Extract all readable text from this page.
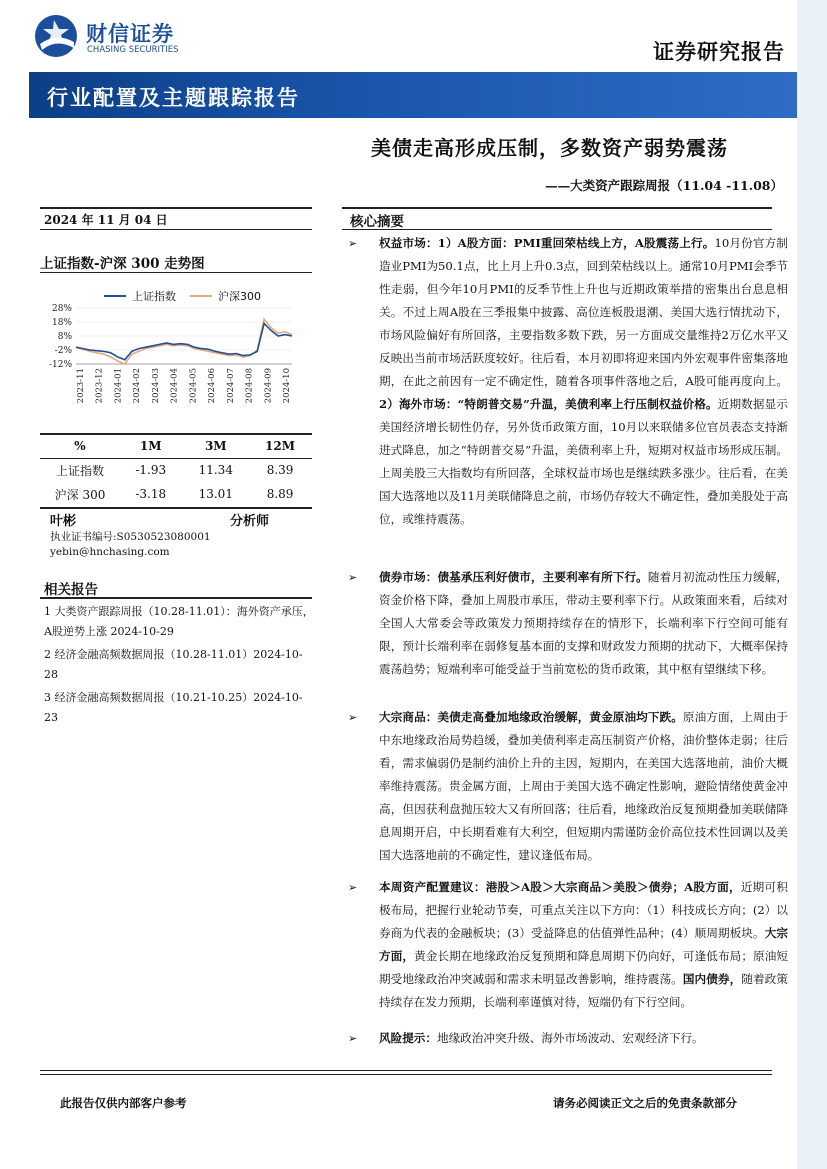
财信证券
CHASING SECURITIES	证券研究报告
行业配置及主题跟踪报告
美债走高形成压制，多数资产弱势震荡
——大类资产跟踪周报（11.04 -11.08）
2024 年 11 月 04 日
上证指数-沪深 300 走势图
上证指数	沪深300
28%
18%
8%
-2%
-12%
2023-11 2023-12 2024-01 2024-02 2024-03 2024-04 2024-05 2024-06 2024-07 2024-08 2024-09 2024-10
%	1M	3M	12M
上证指数	-1.93	11.34	8.39
沪深 300	-3.18	13.01	8.89
叶彬	分析师
执业证书编号:S0530523080001
yebin@hnchasing.com
相关报告
1 大类资产跟踪周报（10.28-11.01）：海外资产承压，A股逆势上涨 2024-10-29
2 经济金融高频数据周报（10.28-11.01）2024-10-28
3 经济金融高频数据周报（10.21-10.25）2024-10-23
核心摘要
➢ 权益市场：1）A股方面：PMI重回荣枯线上方，A股震荡上行。10月份官方制造业PMI为50.1点，比上月上升0.3点，回到荣枯线以上。通常10月PMI会季节性走弱，但今年10月PMI的反季节性上升也与近期政策举措的密集出台息息相关。不过上周A股在三季报集中披露、高位连板股退潮、美国大选行情扰动下，市场风险偏好有所回落，主要指数多数下跌，另一方面成交量维持2万亿水平又反映出当前市场活跃度较好。往后看，本月初即将迎来国内外宏观事件密集落地期，在此之前因有一定不确定性，随着各项事件落地之后，A股可能再度向上。2）海外市场：“特朗普交易”升温，美债利率上行压制权益价格。近期数据显示美国经济增长韧性仍存，另外货币政策方面，10月以来联储多位官员表态支持渐进式降息，加之“特朗普交易”升温，美债利率上升，短期对权益市场形成压制。上周美股三大指数均有所回落，全球权益市场也是继续跌多涨少。往后看，在美国大选落地以及11月美联储降息之前，市场仍存较大不确定性，叠加美股处于高位，或维持震荡。
➢ 债券市场：债基承压利好债市，主要利率有所下行。随着月初流动性压力缓解，资金价格下降，叠加上周股市承压，带动主要利率下行。从政策面来看，后续对全国人大常委会等政策发力预期持续存在的情形下，长端利率下行空间可能有限，预计长端利率在弱修复基本面的支撑和财政发力预期的扰动下，大概率保持震荡趋势；短端利率可能受益于当前宽松的货币政策，其中枢有望继续下移。
➢ 大宗商品：美债走高叠加地缘政治缓解，黄金原油均下跌。原油方面，上周由于中东地缘政治局势趋缓，叠加美债利率走高压制资产价格，油价整体走弱；往后看，需求偏弱仍是制约油价上升的主因，短期内，在美国大选落地前，油价大概率维持震荡。贵金属方面，上周由于美国大选不确定性影响，避险情绪使黄金冲高，但因获利盘抛压较大又有所回落；往后看，地缘政治反复预期叠加美联储降息周期开启，中长期看难有大利空，但短期内需谨防金价高位技术性回调以及美国大选落地前的不确定性，建议逢低布局。
➢ 本周资产配置建议：港股＞A股＞大宗商品＞美股＞债券；A股方面，近期可积极布局，把握行业轮动节奏，可重点关注以下方向：（1）科技成长方向；(2）以券商为代表的金融板块；(3）受益降息的估值弹性品种；(4）顺周期板块。大宗方面，黄金长期在地缘政治反复预期和降息周期下仍向好，可逢低布局；原油短期受地缘政治冲突减弱和需求未明显改善影响，维持震荡。国内债券，随着政策持续存在发力预期，长端利率谨慎对待，短端仍有下行空间。
➢ 风险提示：地缘政治冲突升级、海外市场波动、宏观经济下行。
此报告仅供内部客户参考	请务必阅读正文之后的免责条款部分
